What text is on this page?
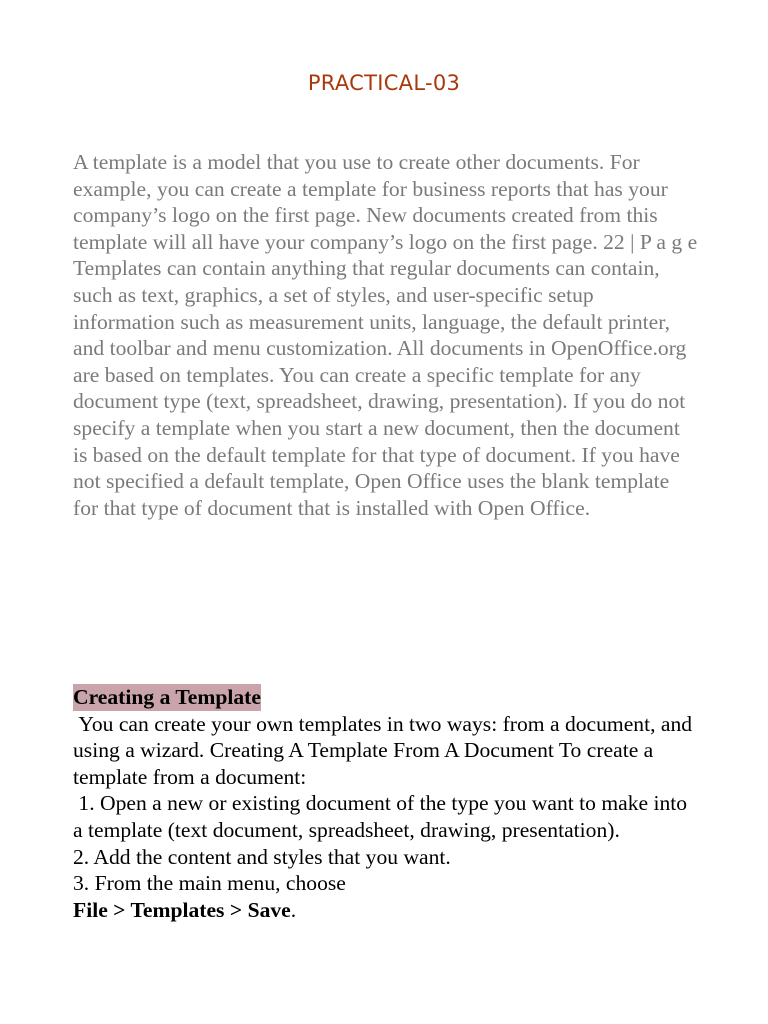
PRACTICAL-03

A template is a model that you use to create other documents. For example, you can create a template for business reports that has your company’s logo on the first page. New documents created from this template will all have your company’s logo on the first page. 22 | P a g e Templates can contain anything that regular documents can contain, such as text, graphics, a set of styles, and user-specific setup information such as measurement units, language, the default printer, and toolbar and menu customization. All documents in OpenOffice.org are based on templates. You can create a specific template for any document type (text, spreadsheet, drawing, presentation). If you do not specify a template when you start a new document, then the document is based on the default template for that type of document. If you have not specified a default template, Open Office uses the blank template for that type of document that is installed with Open Office.

Creating a Template
You can create your own templates in two ways: from a document, and using a wizard. Creating A Template From A Document To create a template from a document:
1. Open a new or existing document of the type you want to make into a template (text document, spreadsheet, drawing, presentation).
2. Add the content and styles that you want.
3. From the main menu, choose
File > Templates > Save.
